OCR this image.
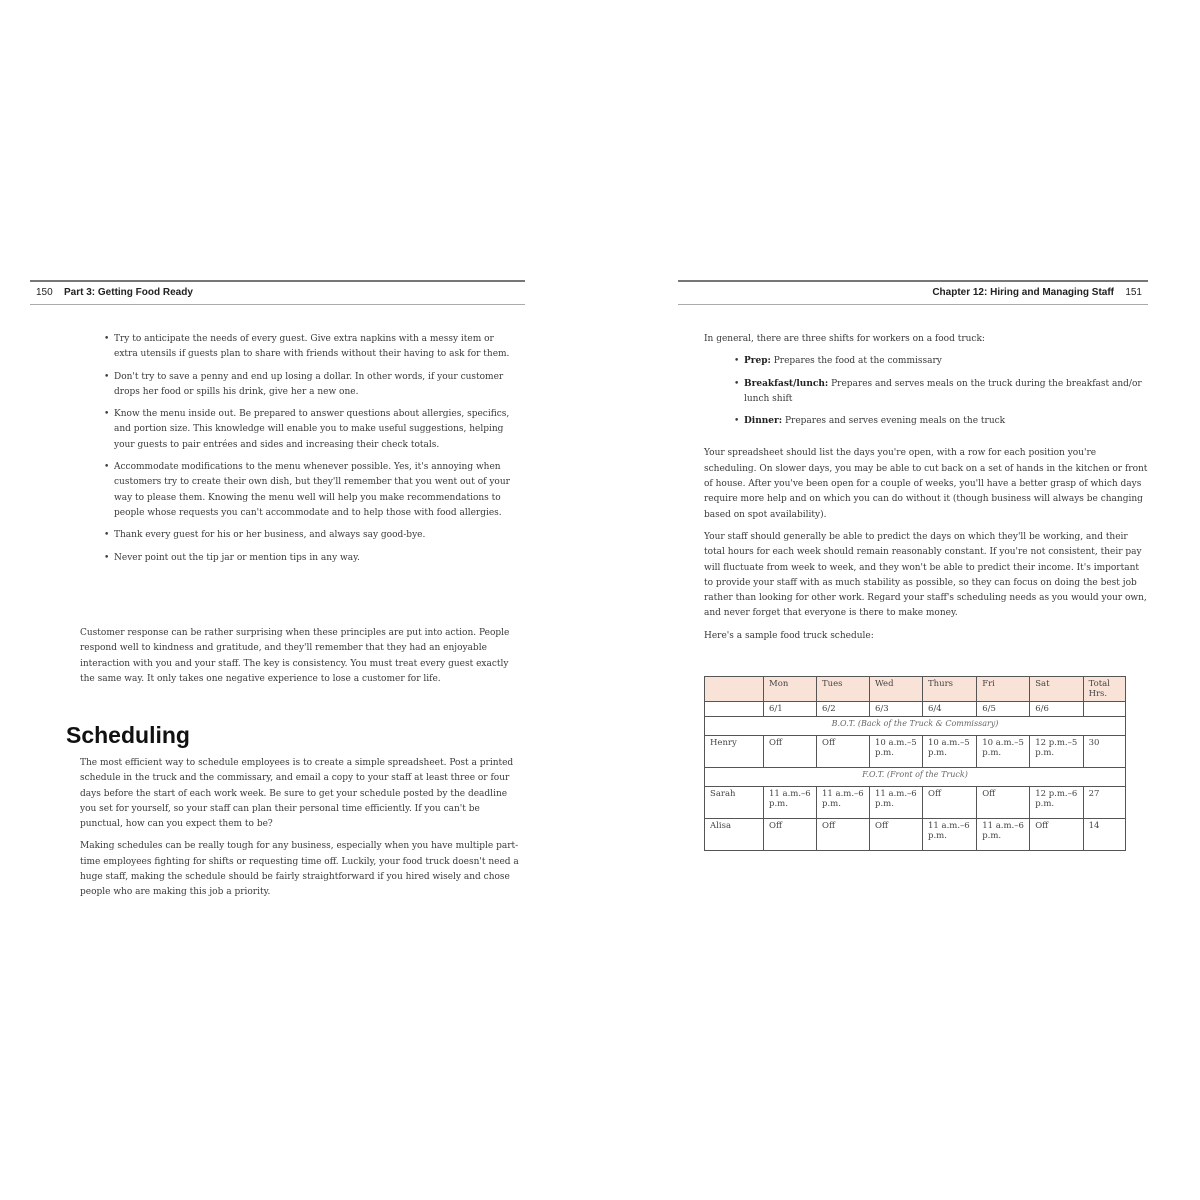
150 Part 3: Getting Food Ready
• Try to anticipate the needs of every guest. Give extra napkins with a messy item or extra utensils if guests plan to share with friends without their having to ask for them.
• Don't try to save a penny and end up losing a dollar. In other words, if your customer drops her food or spills his drink, give her a new one.
• Know the menu inside out. Be prepared to answer questions about allergies, specifics, and portion size. This knowledge will enable you to make useful suggestions, helping your guests to pair entrées and sides and increasing their check totals.
• Accommodate modifications to the menu whenever possible. Yes, it's annoying when customers try to create their own dish, but they'll remember that you went out of your way to please them. Knowing the menu well will help you make recommendations to people whose requests you can't accommodate and to help those with food allergies.
• Thank every guest for his or her business, and always say good-bye.
• Never point out the tip jar or mention tips in any way.

Customer response can be rather surprising when these principles are put into action. People respond well to kindness and gratitude, and they'll remember that they had an enjoyable interaction with you and your staff. The key is consistency. You must treat every guest exactly the same way. It only takes one negative experience to lose a customer for life.

Scheduling

The most efficient way to schedule employees is to create a simple spreadsheet. Post a printed schedule in the truck and the commissary, and email a copy to your staff at least three or four days before the start of each work week. Be sure to get your schedule posted by the deadline you set for yourself, so your staff can plan their personal time efficiently. If you can't be punctual, how can you expect them to be?

Making schedules can be really tough for any business, especially when you have multiple part-time employees fighting for shifts or requesting time off. Luckily, your food truck doesn't need a huge staff, making the schedule should be fairly straightforward if you hired wisely and chose people who are making this job a priority.

Chapter 12: Hiring and Managing Staff 151

In general, there are three shifts for workers on a food truck:

• Prep: Prepares the food at the commissary
• Breakfast/lunch: Prepares and serves meals on the truck during the breakfast and/or lunch shift
• Dinner: Prepares and serves evening meals on the truck

Your spreadsheet should list the days you're open, with a row for each position you're scheduling. On slower days, you may be able to cut back on a set of hands in the kitchen or front of house. After you've been open for a couple of weeks, you'll have a better grasp of which days require more help and on which you can do without it (though business will always be changing based on spot availability).

Your staff should generally be able to predict the days on which they'll be working, and their total hours for each week should remain reasonably constant. If you're not consistent, their pay will fluctuate from week to week, and they won't be able to predict their income. It's important to provide your staff with as much stability as possible, so they can focus on doing the best job rather than looking for other work. Regard your staff's scheduling needs as you would your own, and never forget that everyone is there to make money.

Here's a sample food truck schedule:

	Mon	Tues	Wed	Thurs	Fri	Sat	Total Hrs.
	6/1	6/2	6/3	6/4	6/5	6/6	
B.O.T. (Back of the Truck & Commissary)							
Henry	Off	Off	10 a.m.–5 p.m.	10 a.m.–5 p.m.	10 a.m.–5 p.m.	12 p.m.–5 p.m.	30
F.O.T. (Front of the Truck)							
Sarah	11 a.m.–6 p.m.	11 a.m.–6 p.m.	11 a.m.–6 p.m.	Off	Off	12 p.m.–6 p.m.	27
Alisa	Off	Off	Off	11 a.m.–6 p.m.	11 a.m.–6 p.m.	Off	14
